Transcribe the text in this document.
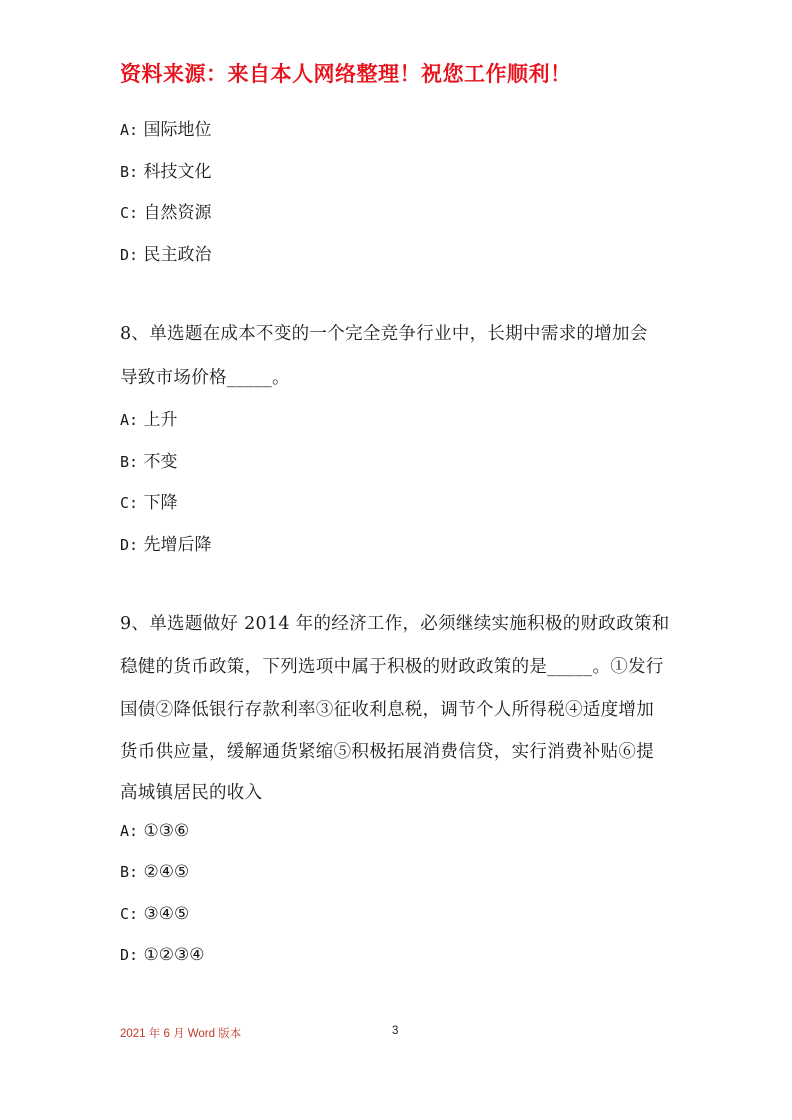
资料来源：来自本人网络整理！祝您工作顺利！
A: 国际地位
B: 科技文化
C: 自然资源
D: 民主政治
8、单选题在成本不变的一个完全竞争行业中，长期中需求的增加会
导致市场价格_____。
A: 上升
B: 不变
C: 下降
D: 先增后降
9、单选题做好 2014 年的经济工作，必须继续实施积极的财政政策和
稳健的货币政策，下列选项中属于积极的财政政策的是_____。①发行
国债②降低银行存款利率③征收利息税，调节个人所得税④适度增加
货币供应量，缓解通货紧缩⑤积极拓展消费信贷，实行消费补贴⑥提
高城镇居民的收入
A: ①③⑥
B: ②④⑤
C: ③④⑤
D: ①②③④
2021 年 6 月 Word 版本	3
